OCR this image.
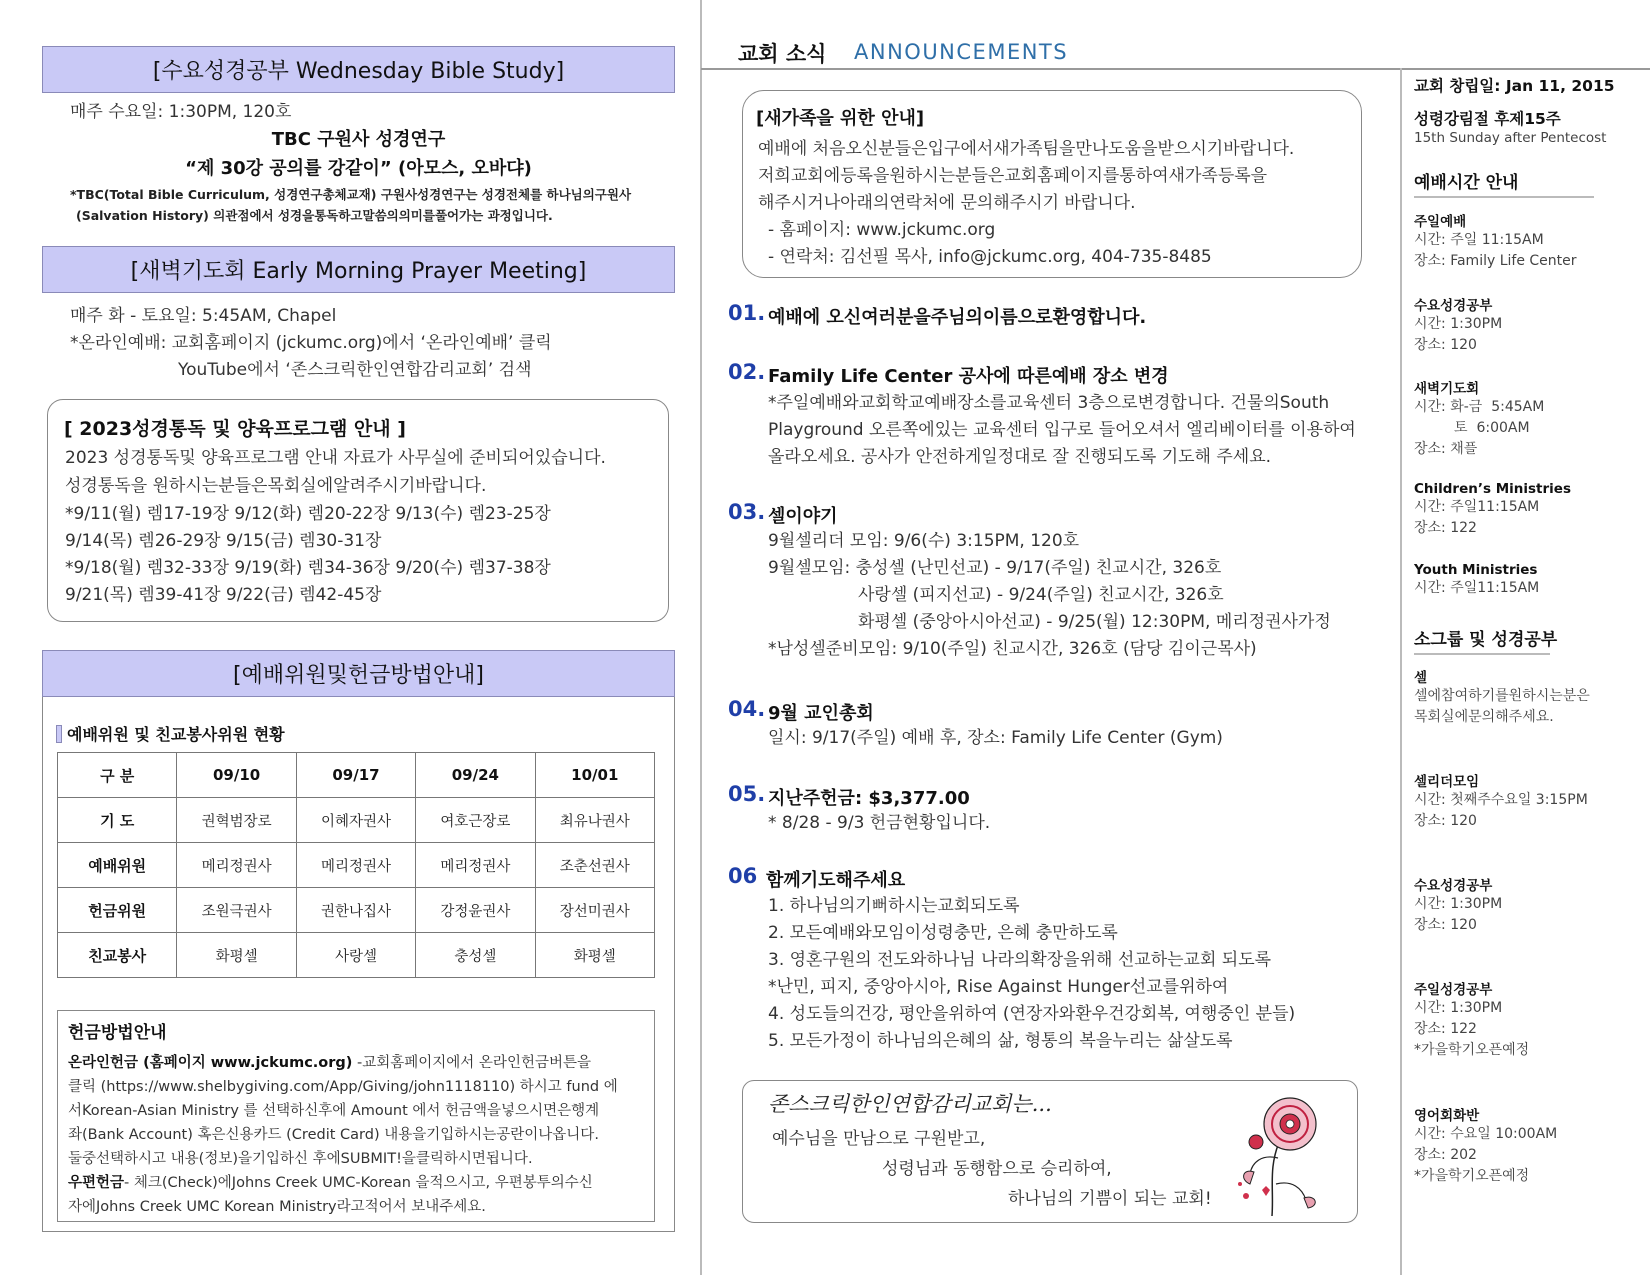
[수요성경공부 Wednesday Bible Study]
매주 수요일: 1:30PM, 120호
TBC 구원사 성경연구
“제 30강 공의를 강같이” (아모스, 오바댜)
*TBC(Total Bible Curriculum, 성경연구총체교재) 구원사성경연구는 성경전체를 하나님의구원사
(Salvation History) 의관점에서 성경을통독하고말씀의의미를풀어가는 과정입니다.
[새벽기도회 Early Morning Prayer Meeting]
매주 화 - 토요일: 5:45AM, Chapel
*온라인예배: 교회홈페이지 (jckumc.org)에서 ‘온라인예배’ 클릭
YouTube에서 ‘존스크릭한인연합감리교회’ 검색
[ 2023성경통독 및 양육프로그램 안내 ]
2023 성경통독및 양육프로그램 안내 자료가 사무실에 준비되어있습니다.
성경통독을 원하시는분들은목회실에알려주시기바랍니다.
*9/11(월) 렘17-19장 9/12(화) 렘20-22장 9/13(수) 렘23-25장
9/14(목) 렘26-29장 9/15(금) 렘30-31장
*9/18(월) 렘32-33장 9/19(화) 렘34-36장 9/20(수) 렘37-38장
9/21(목) 렘39-41장 9/22(금) 렘42-45장
[예배위원및헌금방법안내]
예배위원 및 친교봉사위원 현황
구 분	09/10	09/17	09/24	10/01
기 도	권혁범장로	이혜자권사	여호근장로	최유나권사
예배위원	메리정권사	메리정권사	메리정권사	조춘선권사
헌금위원	조원극권사	권한나집사	강정윤권사	장선미권사
친교봉사	화평셀	사랑셀	충성셀	화평셀
헌금방법안내
온라인헌금 (홈페이지 www.jckumc.org) -교회홈페이지에서 온라인헌금버튼을
클릭 (https://www.shelbygiving.com/App/Giving/john1118110) 하시고 fund 에
서Korean-Asian Ministry 를 선택하신후에 Amount 에서 헌금액을넣으시면은행계
좌(Bank Account) 혹은신용카드 (Credit Card) 내용을기입하시는공란이나옵니다.
둘중선택하시고 내용(정보)을기입하신 후에SUBMIT!을클릭하시면됩니다.
우편헌금- 체크(Check)에Johns Creek UMC-Korean 을적으시고, 우편봉투의수신
자에Johns Creek UMC Korean Ministry라고적어서 보내주세요.
교회 소식 ANNOUNCEMENTS
[새가족을 위한 안내]
예배에 처음오신분들은입구에서새가족팀을만나도움을받으시기바랍니다.
저희교회에등록을원하시는분들은교회홈페이지를통하여새가족등록을
해주시거나아래의연락처에 문의해주시기 바랍니다.
- 홈페이지: www.jckumc.org
- 연락처: 김선필 목사, info@jckumc.org, 404-735-8485
01. 예배에 오신여러분을주님의이름으로환영합니다.
02. Family Life Center 공사에 따른예배 장소 변경
*주일예배와교회학교예배장소를교육센터 3층으로변경합니다. 건물의South
Playground 오른쪽에있는 교육센터 입구로 들어오셔서 엘리베이터를 이용하여
올라오세요. 공사가 안전하게일정대로 잘 진행되도록 기도해 주세요.
03. 셀이야기
9월셀리더 모임: 9/6(수) 3:15PM, 120호
9월셀모임: 충성셀 (난민선교) - 9/17(주일) 친교시간, 326호
사랑셀 (피지선교) - 9/24(주일) 친교시간, 326호
화평셀 (중앙아시아선교) - 9/25(월) 12:30PM, 메리정권사가정
*남성셀준비모임: 9/10(주일) 친교시간, 326호 (담당 김이근목사)
04. 9월 교인총회
일시: 9/17(주일) 예배 후, 장소: Family Life Center (Gym)
05. 지난주헌금: $3,377.00
* 8/28 - 9/3 헌금현황입니다.
06 함께기도해주세요
1. 하나님의기뻐하시는교회되도록
2. 모든예배와모임이성령충만, 은혜 충만하도록
3. 영혼구원의 전도와하나님 나라의확장을위해 선교하는교회 되도록
*난민, 피지, 중앙아시아, Rise Against Hunger선교를위하여
4. 성도들의건강, 평안을위하여 (연장자와환우건강회복, 여행중인 분들)
5. 모든가정이 하나님의은혜의 삶, 형통의 복을누리는 삶살도록
존스크릭한인연합감리교회는...
예수님을 만남으로 구원받고,
성령님과 동행함으로 승리하여,
하나님의 기쁨이 되는 교회!
교회 창립일: Jan 11, 2015
성령강림절 후제15주
15th Sunday after Pentecost
예배시간 안내
주일예배
시간: 주일 11:15AM
장소: Family Life Center
수요성경공부
시간: 1:30PM
장소: 120
새벽기도회
시간: 화-금  5:45AM
토  6:00AM
장소: 채플
Children’s Ministries
시간: 주일11:15AM
장소: 122
Youth Ministries
시간: 주일11:15AM
소그룹 및 성경공부
셀
셀에참여하기를원하시는분은
목회실에문의해주세요.
셀리더모임
시간: 첫째주수요일 3:15PM
장소: 120
수요성경공부
시간: 1:30PM
장소: 120
주일성경공부
시간: 1:30PM
장소: 122
*가을학기오픈예정
영어회화반
시간: 수요일 10:00AM
장소: 202
*가을학기오픈예정
